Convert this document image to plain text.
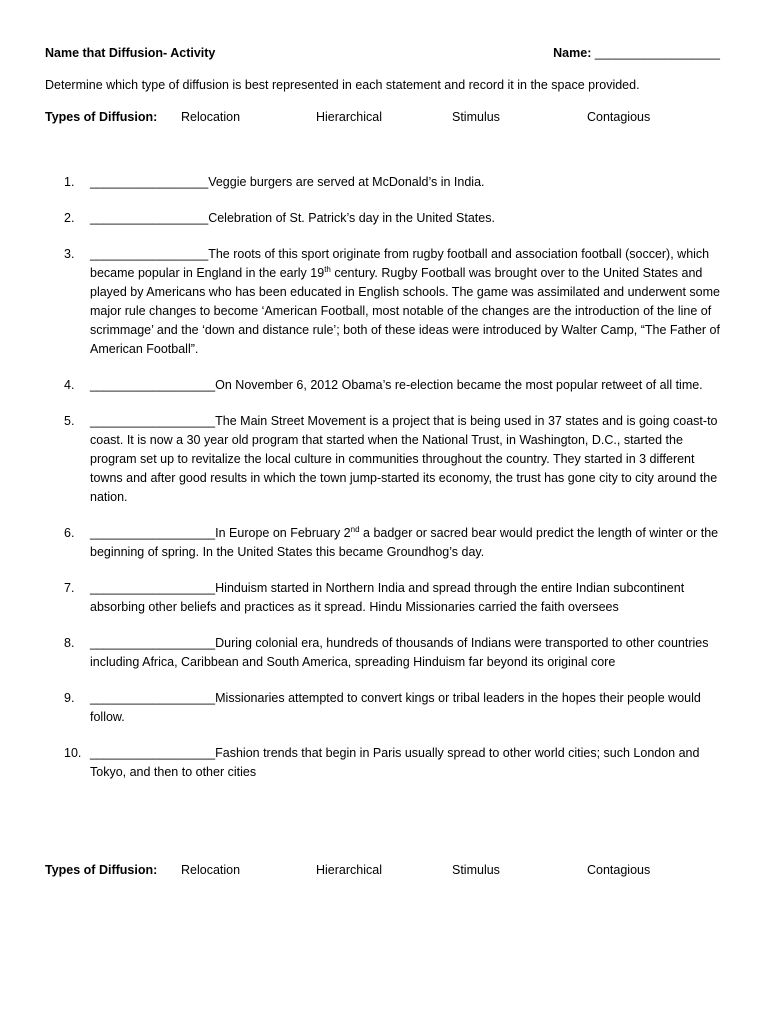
Name that Diffusion- Activity	Name: __________________
Determine which type of diffusion is best represented in each statement and record it in the space provided.
Types of Diffusion: Relocation	Hierarchical	Stimulus	Contagious
1.	_________________Veggie burgers are served at McDonald’s in India.
2.	_________________Celebration of St. Patrick’s day in the United States.
3.	_________________The roots of this sport originate from rugby football and association football (soccer), which became popular in England in the early 19th century. Rugby Football was brought over to the United States and played by Americans who has been educated in English schools. The game was assimilated and underwent some major rule changes to become ‘American Football, most notable of the changes are the introduction of the line of scrimmage’ and the ‘down and distance rule’; both of these ideas were introduced by Walter Camp, “The Father of American Football”.
4.	__________________On November 6, 2012 Obama’s re-election became the most popular retweet of all time.
5.	__________________The Main Street Movement is a project that is being used in 37 states and is going coast-to coast. It is now a 30 year old program that started when the National Trust, in Washington, D.C., started the program set up to revitalize the local culture in communities throughout the country. They started in 3 different towns and after good results in which the town jump-started its economy, the trust has gone city to city around the nation.
6.	__________________In Europe on February 2nd a badger or sacred bear would predict the length of winter or the beginning of spring. In the United States this became Groundhog’s day.
7.	__________________Hinduism started in Northern India and spread through the entire Indian subcontinent absorbing other beliefs and practices as it spread. Hindu Missionaries carried the faith oversees
8.	__________________During colonial era, hundreds of thousands of Indians were transported to other countries including Africa, Caribbean and South America, spreading Hinduism far beyond its original core
9.	__________________Missionaries attempted to convert kings or tribal leaders in the hopes their people would follow.
10. __________________Fashion trends that begin in Paris usually spread to other world cities; such London and Tokyo, and then to other cities
Types of Diffusion: Relocation	Hierarchical	Stimulus	Contagious
